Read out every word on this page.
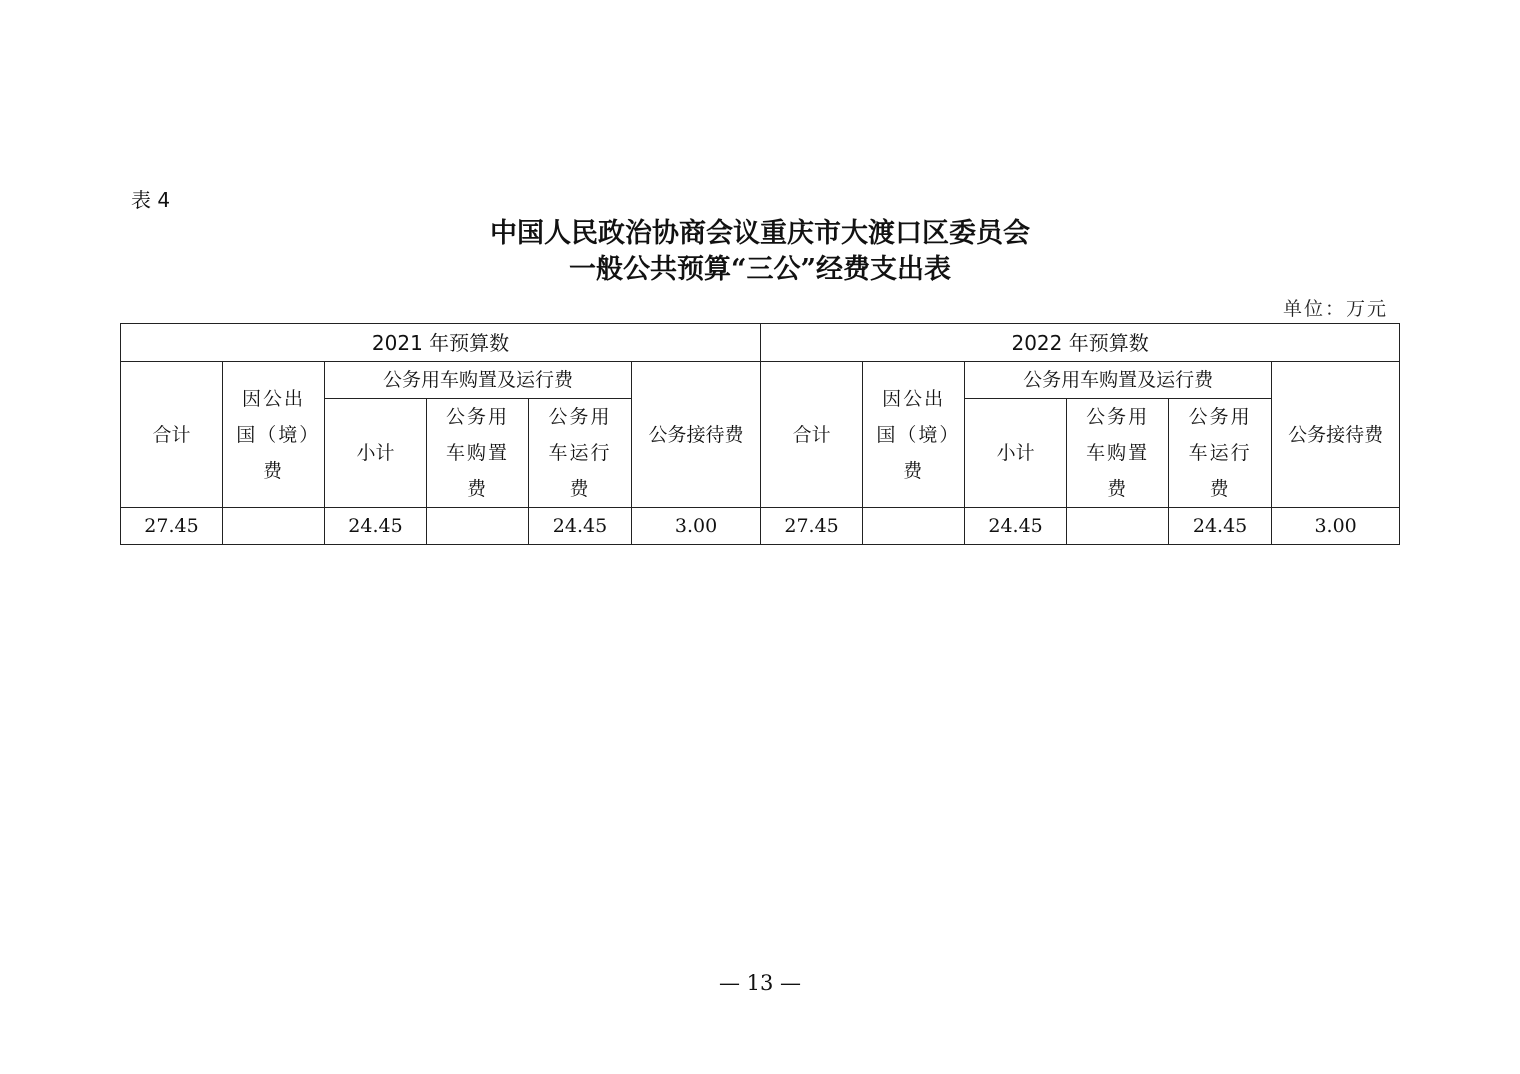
表 4
中国人民政治协商会议重庆市大渡口区委员会
一般公共预算“三公”经费支出表
单位：万元
2021 年预算数						2022 年预算数					
合计	因公出国（境）费	公务用车购置及运行费			公务接待费	合计	因公出国（境）费	公务用车购置及运行费			公务接待费
		小计	公务用车购置费	公务用车运行费				小计	公务用车购置费	公务用车运行费	
27.45		24.45		24.45	3.00	27.45		24.45		24.45	3.00
— 13 —
